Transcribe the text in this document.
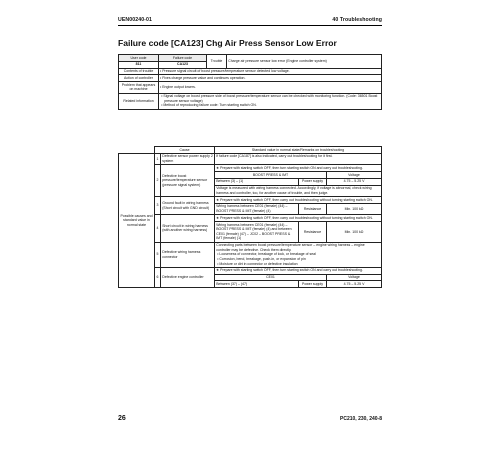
UEN00240-01	40 Troubleshooting
Failure code [CA123] Chg Air Press Sensor Low Error
User code	Failure code	Trouble	Charge air pressure sensor low error (Engine controller system)
811	CA123		
Contents of trouble	• Pressure signal circuit of boost pressure/temperature sensor detected low voltage.		
Action of controller	• Fixes charge pressure value and continues operation.		
Problem that appears on machine	• Engine output lowers.		
Related information	• Signal voltage on boost pressure side of boost pressure/temperature sensor can be checked with monitoring function. (Code: 36501 Boost pressure sensor voltage)
• Method of reproducing failure code: Turn starting switch ON.		
	Cause		Standard value in normal state/Remarks on troubleshooting		
Possible causes and standard value in normal state	1	Defective sensor power supply 2 system	If failure code [CA187] is also indicated, carry out troubleshooting for it first.		
	2	Defective boost pressure/temperature sensor (pressure signal system)	★ Prepare with starting switch OFF, then turn starting switch ON and carry out troubleshooting.		
			BOOST PRESS & IMT		Voltage
			Between (3) – (1)	Power supply	4.75 – 5.25 V
			Voltage is measured with wiring harness connected. Accordingly, if voltage is abnormal, check wiring harness and controller, too, for another cause of trouble, and then judge.		
	3	Ground fault in wiring harness (Short circuit with GND circuit)	★ Prepare with starting switch OFF, then carry out troubleshooting without turning starting switch ON.		
			Wiring harness between CE01 (female) (44) – BOOST PRESS & IMT (female) (4)	Resistance	Min. 100 kΩ
	4	Short circuit in wiring harness (with another wiring harness)	★ Prepare with starting switch OFF, then carry out troubleshooting without turning starting switch ON.		
			Wiring harness between CE01 (female) (44) – BOOST PRESS & IMT (female) (4) and between CE01 (female) (47) – JC02 – BOOST PRESS & IMT (female) (1)	Resistance	Min. 100 kΩ
	5	Defective wiring harness connector	Connecting parts between boost pressure/temperature sensor – engine wiring harness – engine controller may be defective. Check them directly.
• Looseness of connector, breakage of lock, or breakage of seal
• Corrosion, bend, breakage, push-in, or expansion of pin
• Moisture or dirt in connector or defective insulation		

	6	Defective engine controller	★ Prepare with starting switch OFF, then turn starting switch ON and carry out troubleshooting.		
			CE01		Voltage
			Between (37) – (47)	Power supply	4.75 – 5.25 V
26	PC210, 230, 240-8
